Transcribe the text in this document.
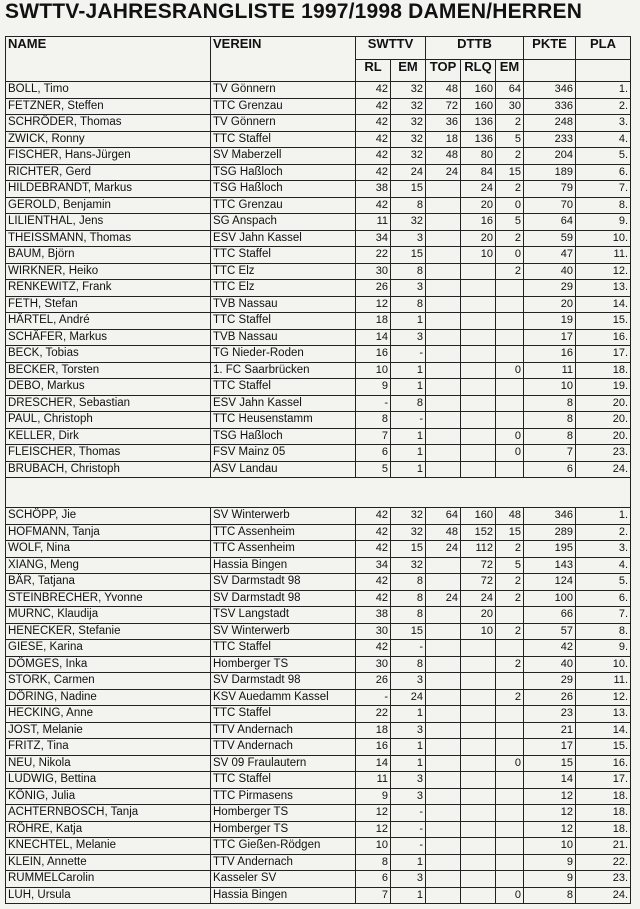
SWTTV-JAHRESRANGLISTE 1997/1998 DAMEN/HERREN
NAME	VEREIN	SWTTV		DTTB			PKTE	PLA
		RL	EM	TOP	RLQ	EM		
BOLL, Timo	TV Gönnern	42	32	48	160	64	346	1.
FETZNER, Steffen	TTC Grenzau	42	32	72	160	30	336	2.
SCHRÖDER, Thomas	TV Gönnern	42	32	36	136	2	248	3.
ZWICK, Ronny	TTC Staffel	42	32	18	136	5	233	4.
FISCHER, Hans-Jürgen	SV Maberzell	42	32	48	80	2	204	5.
RICHTER, Gerd	TSG Haßloch	42	24	24	84	15	189	6.
HILDEBRANDT, Markus	TSG Haßloch	38	15		24	2	79	7.
GEROLD, Benjamin	TTC Grenzau	42	8		20	0	70	8.
LILIENTHAL, Jens	SG Anspach	11	32		16	5	64	9.
THEISSMANN, Thomas	ESV Jahn Kassel	34	3		20	2	59	10.
BAUM, Björn	TTC Staffel	22	15		10	0	47	11.
WIRKNER, Heiko	TTC Elz	30	8			2	40	12.
RENKEWITZ, Frank	TTC Elz	26	3				29	13.
FETH, Stefan	TVB Nassau	12	8				20	14.
HÄRTEL, André	TTC Staffel	18	1				19	15.
SCHÄFER, Markus	TVB Nassau	14	3				17	16.
BECK, Tobias	TG Nieder-Roden	16	-				16	17.
BECKER, Torsten	1. FC Saarbrücken	10	1			0	11	18.
DEBO, Markus	TTC Staffel	9	1				10	19.
DRESCHER, Sebastian	ESV Jahn Kassel	-	8				8	20.
PAUL, Christoph	TTC Heusenstamm	8	-				8	20.
KELLER, Dirk	TSG Haßloch	7	1			0	8	20.
FLEISCHER, Thomas	FSV Mainz 05	6	1			0	7	23.
BRUBACH, Christoph	ASV Landau	5	1				6	24.

SCHÖPP, Jie	SV Winterwerb	42	32	64	160	48	346	1.
HOFMANN, Tanja	TTC Assenheim	42	32	48	152	15	289	2.
WOLF, Nina	TTC Assenheim	42	15	24	112	2	195	3.
XIANG, Meng	Hassia Bingen	34	32		72	5	143	4.
BÄR, Tatjana	SV Darmstadt 98	42	8		72	2	124	5.
STEINBRECHER, Yvonne	SV Darmstadt 98	42	8	24	24	2	100	6.
MURNC, Klaudija	TSV Langstadt	38	8		20		66	7.
HENECKER, Stefanie	SV Winterwerb	30	15		10	2	57	8.
GIESE, Karina	TTC Staffel	42	-				42	9.
DÖMGES, Inka	Homberger TS	30	8			2	40	10.
STORK, Carmen	SV Darmstadt 98	26	3				29	11.
DÖRING, Nadine	KSV Auedamm Kassel	-	24			2	26	12.
HECKING, Anne	TTC Staffel	22	1				23	13.
JOST, Melanie	TTV Andernach	18	3				21	14.
FRITZ, Tina	TTV Andernach	16	1				17	15.
NEU, Nikola	SV 09 Fraulautern	14	1			0	15	16.
LUDWIG, Bettina	TTC Staffel	11	3				14	17.
KÖNIG, Julia	TTC Pirmasens	9	3				12	18.
ACHTERNBOSCH, Tanja	Homberger TS	12	-				12	18.
RÖHRE, Katja	Homberger TS	12	-				12	18.
KNECHTEL, Melanie	TTC Gießen-Rödgen	10	-				10	21.
KLEIN, Annette	TTV Andernach	8	1				9	22.
RUMMELCarolin	Kasseler SV	6	3				9	23.
LUH, Ursula	Hassia Bingen	7	1			0	8	24.
